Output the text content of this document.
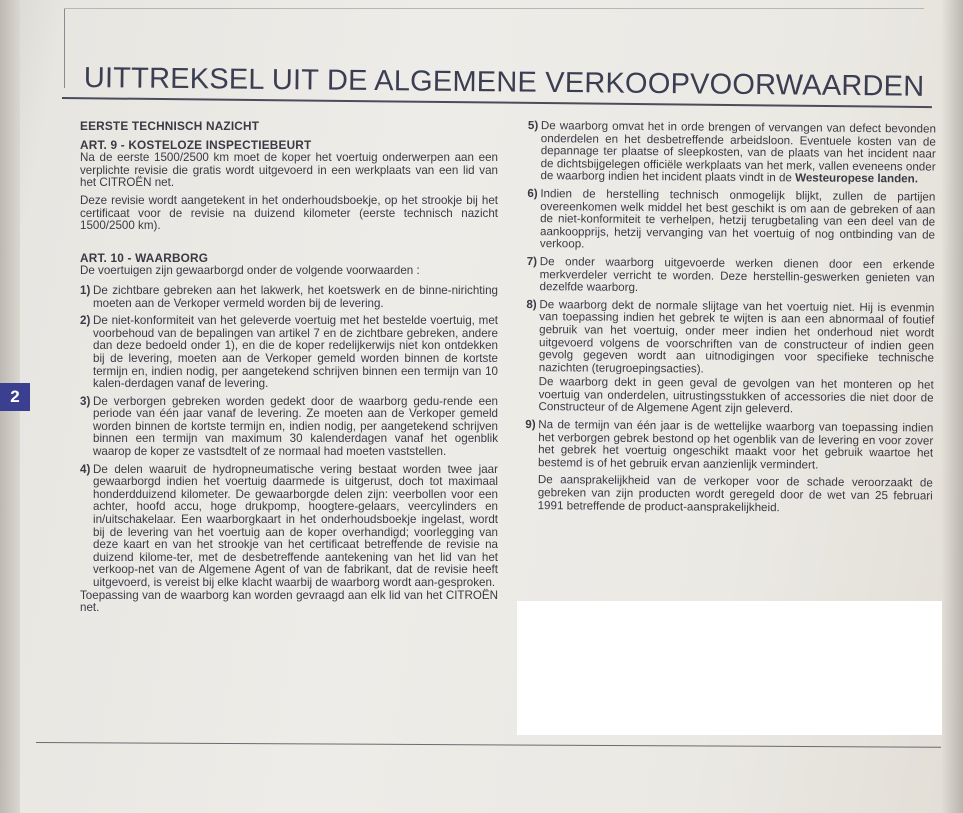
UITTREKSEL UIT DE ALGEMENE VERKOOPVOORWAARDEN
2
EERSTE TECHNISCH NAZICHT
ART. 9 - KOSTELOZE INSPECTIEBEURT

Na de eerste 1500/2500 km moet de koper het voertuig onderwerpen aan een verplichte revisie die gratis wordt uitgevoerd in een werkplaats van een lid van het CITROËN net.

Deze revisie wordt aangetekent in het onderhoudsboekje, op het strookje bij het certificaat voor de revisie na duizend kilometer (eerste technisch nazicht 1500/2500 km).

ART. 10 - WAARBORG

De voertuigen zijn gewaarborgd onder de volgende voorwaarden :

1) De zichtbare gebreken aan het lakwerk, het koetswerk en de binne-nirichting moeten aan de Verkoper vermeld worden bij de levering.
2) De niet-konformiteit van het geleverde voertuig met het bestelde voertuig, met voorbehoud van de bepalingen van artikel 7 en de zichtbare gebreken, andere dan deze bedoeld onder 1), en die de koper redelijkerwijs niet kon ontdekken bij de levering, moeten aan de Verkoper gemeld worden binnen de kortste termijn en, indien nodig, per aangetekend schrijven binnen een termijn van 10 kalen-derdagen vanaf de levering.
3) De verborgen gebreken worden gedekt door de waarborg gedu-rende een periode van één jaar vanaf de levering. Ze moeten aan de Verkoper gemeld worden binnen de kortste termijn en, indien nodig, per aangetekend schrijven binnen een termijn van maximum 30 kalenderdagen vanaf het ogenblik waarop de koper ze vastsdtelt of ze normaal had moeten vaststellen.
4) De delen waaruit de hydropneumatische vering bestaat worden twee jaar gewaarborgd indien het voertuig daarmede is uitgerust, doch tot maximaal honderdduizend kilometer. De gewaarborgde delen zijn: veerbollen voor een achter, hoofd accu, hoge drukpomp, hoogtere-gelaars, veercylinders en in/uitschakelaar. Een waarborgkaart in het onderhoudsboekje ingelast, wordt bij de levering van het voertuig aan de koper overhandigd; voorlegging van deze kaart en van het strookje van het certificaat betreffende de revisie na duizend kilome-ter, met de desbetreffende aantekening van het lid van het verkoop-net van de Algemene Agent of van de fabrikant, dat de revisie heeft uitgevoerd, is vereist bij elke klacht waarbij de waarborg wordt aan-gesproken.

Toepassing van de waarborg kan worden gevraagd aan elk lid van het CITROËN net.

5) De waarborg omvat het in orde brengen of vervangen van defect bevonden onderdelen en het desbetreffende arbeidsloon. Eventuele kosten van de depannage ter plaatse of sleepkosten, van de plaats van het incident naar de dichtsbijgelegen officiële werkplaats van het merk, vallen eveneens onder de waarborg indien het incident plaats vindt in de Westeuropese landen.
6) Indien de herstelling technisch onmogelijk blijkt, zullen de partijen overeenkomen welk middel het best geschikt is om aan de gebreken of aan de niet-konformiteit te verhelpen, hetzij terugbetaling van een deel van de aankoopprijs, hetzij vervanging van het voertuig of nog ontbinding van de verkoop.
7) De onder waarborg uitgevoerde werken dienen door een erkende merkverdeler verricht te worden. Deze herstellin-geswerken genieten van dezelfde waarborg.
8) De waarborg dekt de normale slijtage van het voertuig niet. Hij is evenmin van toepassing indien het gebrek te wijten is aan een abnormaal of foutief gebruik van het voertuig, onder meer indien het onderhoud niet wordt uitgevoerd volgens de voorschriften van de constructeur of indien geen gevolg gegeven wordt aan uitnodigingen voor specifieke technische nazichten (terugroepingsacties).

De waarborg dekt in geen geval de gevolgen van het monteren op het voertuig van onderdelen, uitrustingsstukken of accessories die niet door de Constructeur of de Algemene Agent zijn geleverd.

9) Na de termijn van één jaar is de wettelijke waarborg van toepassing indien het verborgen gebrek bestond op het ogenblik van de levering en voor zover het gebrek het voertuig ongeschikt maakt voor het gebruik waartoe het bestemd is of het gebruik ervan aanzienlijk vermindert.

De aansprakelijkheid van de verkoper voor de schade veroorzaakt de gebreken van zijn producten wordt geregeld door de wet van 25 februari 1991 betreffende de product-aansprakelijkheid.
